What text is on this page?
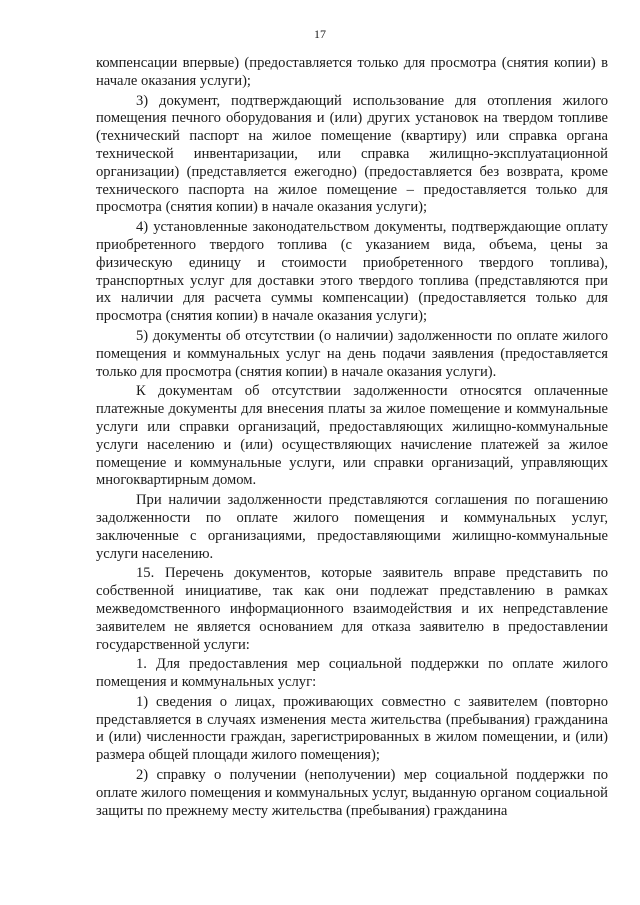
17

компенсации впервые) (предоставляется только для просмотра (снятия копии) в начале оказания услуги);

3) документ, подтверждающий использование для отопления жилого помещения печного оборудования и (или) других установок на твердом топливе (технический паспорт на жилое помещение (квартиру) или справка органа технической инвентаризации, или справка жилищно-эксплуатационной организации) (представляется ежегодно) (предоставляется без возврата, кроме технического паспорта на жилое помещение – предоставляется только для просмотра (снятия копии) в начале оказания услуги);

4) установленные законодательством документы, подтверждающие оплату приобретенного твердого топлива (с указанием вида, объема, цены за физическую единицу и стоимости приобретенного твердого топлива), транспортных услуг для доставки этого твердого топлива (представляются при их наличии для расчета суммы компенсации) (предоставляется только для просмотра (снятия копии) в начале оказания услуги);

5) документы об отсутствии (о наличии) задолженности по оплате жилого помещения и коммунальных услуг на день подачи заявления (предоставляется только для просмотра (снятия копии) в начале оказания услуги).

К документам об отсутствии задолженности относятся оплаченные платежные документы для внесения платы за жилое помещение и коммунальные услуги или справки организаций, предоставляющих жилищно-коммунальные услуги населению и (или) осуществляющих начисление платежей за жилое помещение и коммунальные услуги, или справки организаций, управляющих многоквартирным домом.

При наличии задолженности представляются соглашения по погашению задолженности по оплате жилого помещения и коммунальных услуг, заключенные с организациями, предоставляющими жилищно-коммунальные услуги населению.

15. Перечень документов, которые заявитель вправе представить по собственной инициативе, так как они подлежат представлению в рамках межведомственного информационного взаимодействия и их непредставление заявителем не является основанием для отказа заявителю в предоставлении государственной услуги:

1. Для предоставления мер социальной поддержки по оплате жилого помещения и коммунальных услуг:

1) сведения о лицах, проживающих совместно с заявителем (повторно представляется в случаях изменения места жительства (пребывания) гражданина и (или) численности граждан, зарегистрированных в жилом помещении, и (или) размера общей площади жилого помещения);

2) справку о получении (неполучении) мер социальной поддержки по оплате жилого помещения и коммунальных услуг, выданную органом социальной защиты по прежнему месту жительства (пребывания) гражданина
